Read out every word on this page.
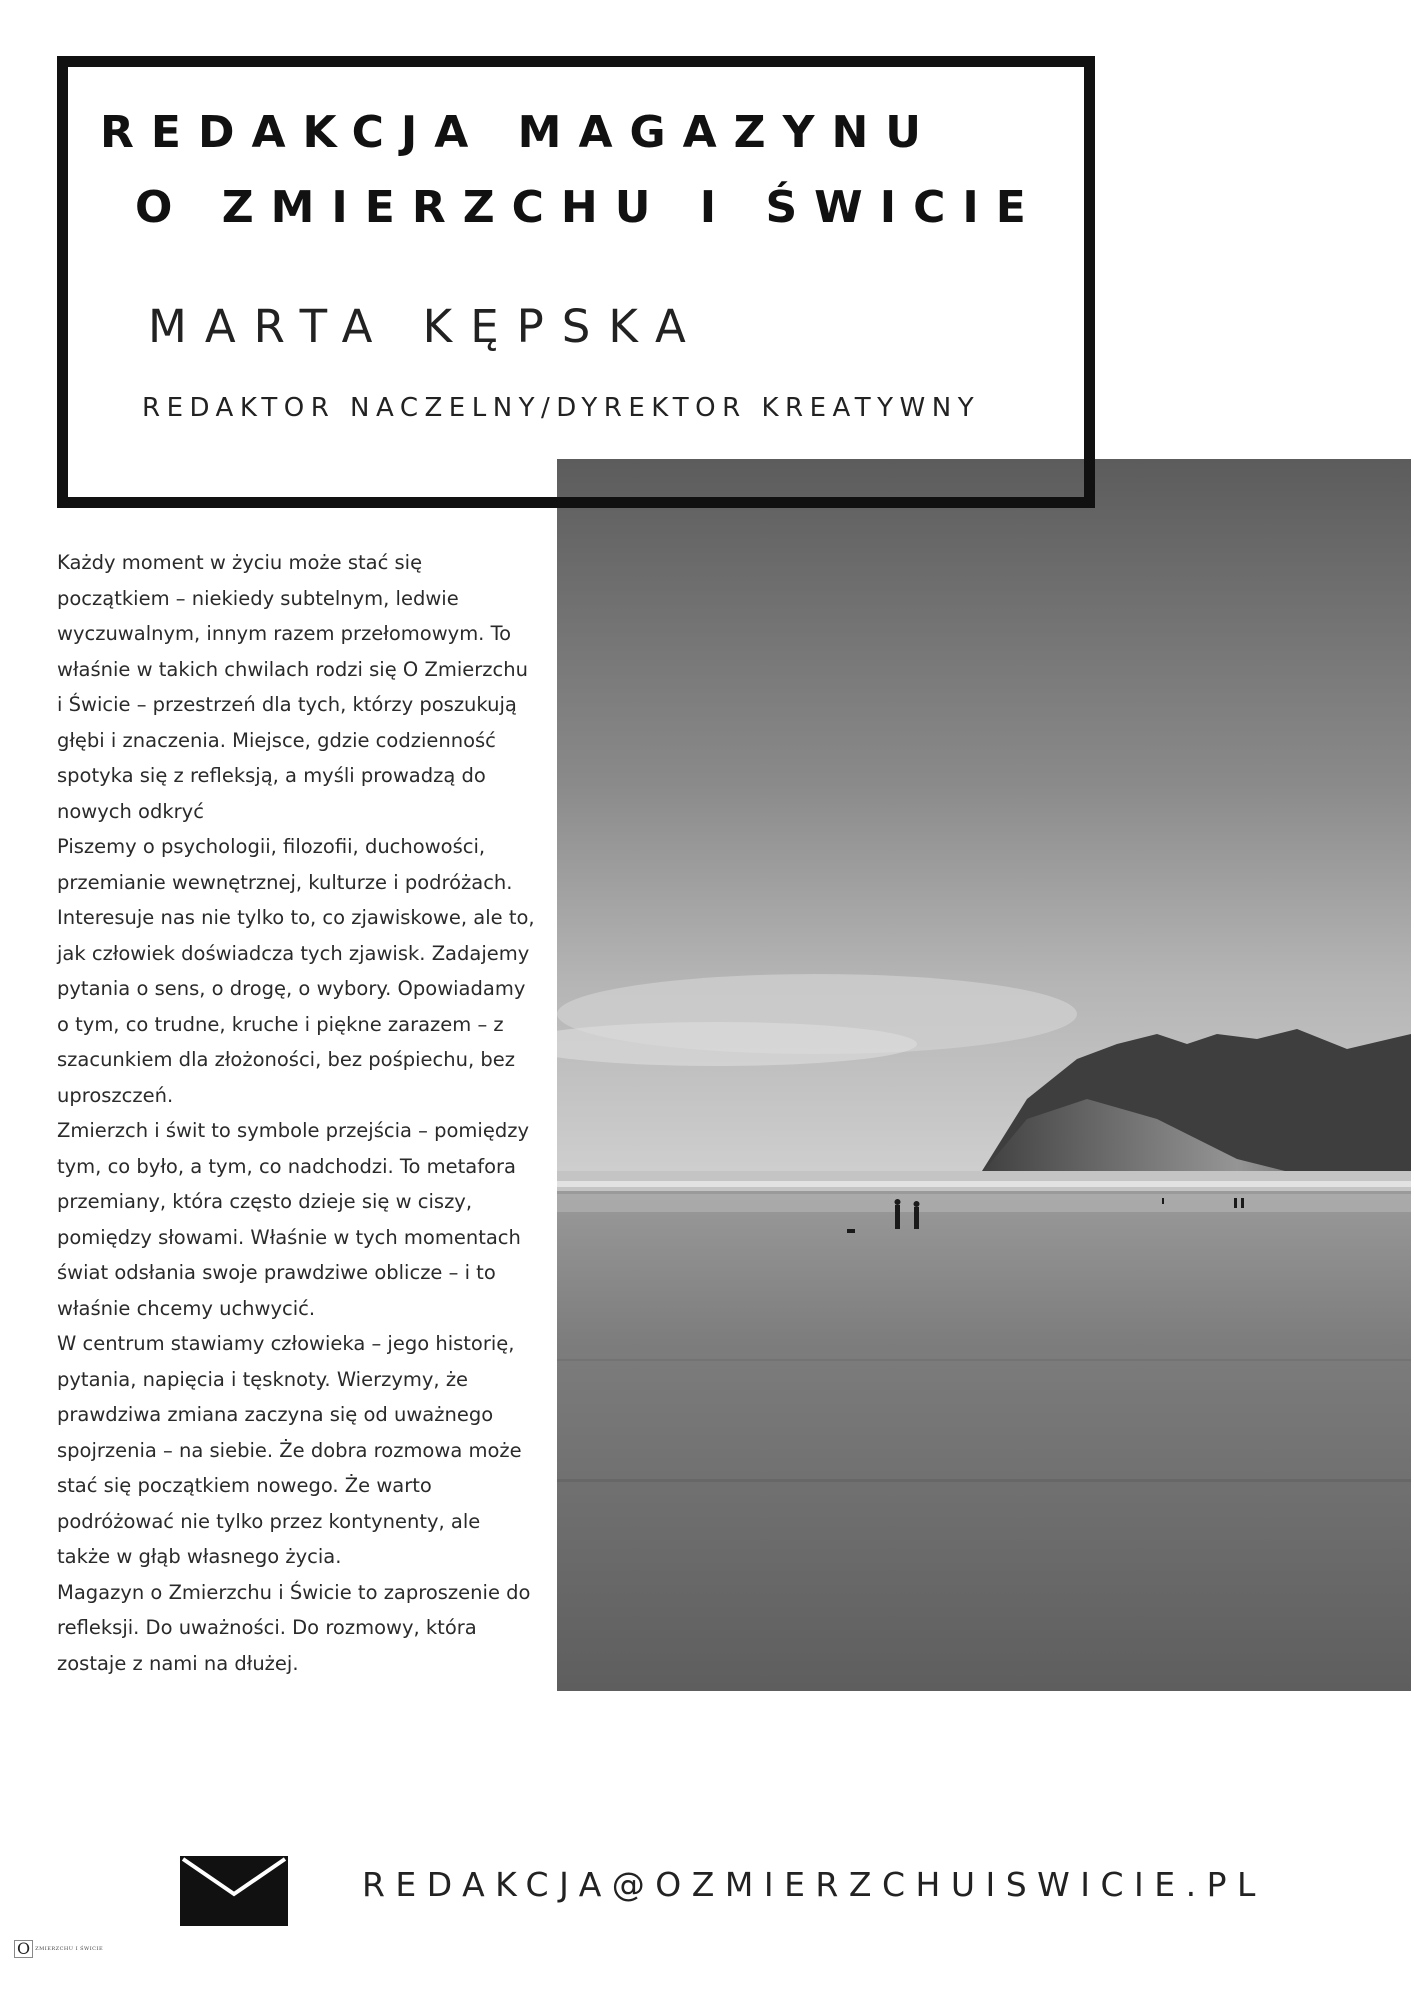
REDAKCJA MAGAZYNU
O ZMIERZCHU I ŚWICIE
MARTA KĘPSKA
REDAKTOR NACZELNY/DYREKTOR KREATYWNY

Każdy moment w życiu może stać się początkiem – niekiedy subtelnym, ledwie wyczuwalnym, innym razem przełomowym. To właśnie w takich chwilach rodzi się O Zmierzchu i Świcie – przestrzeń dla tych, którzy poszukują głębi i znaczenia. Miejsce, gdzie codzienność spotyka się z refleksją, a myśli prowadzą do nowych odkryć

Piszemy o psychologii, filozofii, duchowości, przemianie wewnętrznej, kulturze i podróżach. Interesuje nas nie tylko to, co zjawiskowe, ale to, jak człowiek doświadcza tych zjawisk. Zadajemy pytania o sens, o drogę, o wybory. Opowiadamy o tym, co trudne, kruche i piękne zarazem – z szacunkiem dla złożoności, bez pośpiechu, bez uproszczeń.

Zmierzch i świt to symbole przejścia – pomiędzy tym, co było, a tym, co nadchodzi. To metafora przemiany, która często dzieje się w ciszy, pomiędzy słowami. Właśnie w tych momentach świat odsłania swoje prawdziwe oblicze – i to właśnie chcemy uchwycić.

W centrum stawiamy człowieka – jego historię, pytania, napięcia i tęsknoty. Wierzymy, że prawdziwa zmiana zaczyna się od uważnego spojrzenia – na siebie. Że dobra rozmowa może stać się początkiem nowego. Że warto podróżować nie tylko przez kontynenty, ale także w głąb własnego życia.

Magazyn o Zmierzchu i Świcie to zaproszenie do refleksji. Do uważności. Do rozmowy, która zostaje z nami na dłużej.

REDAKCJA@OZMIERZCHUISWICIE.PL
O	ZMIERZCHU I ŚWICIE
